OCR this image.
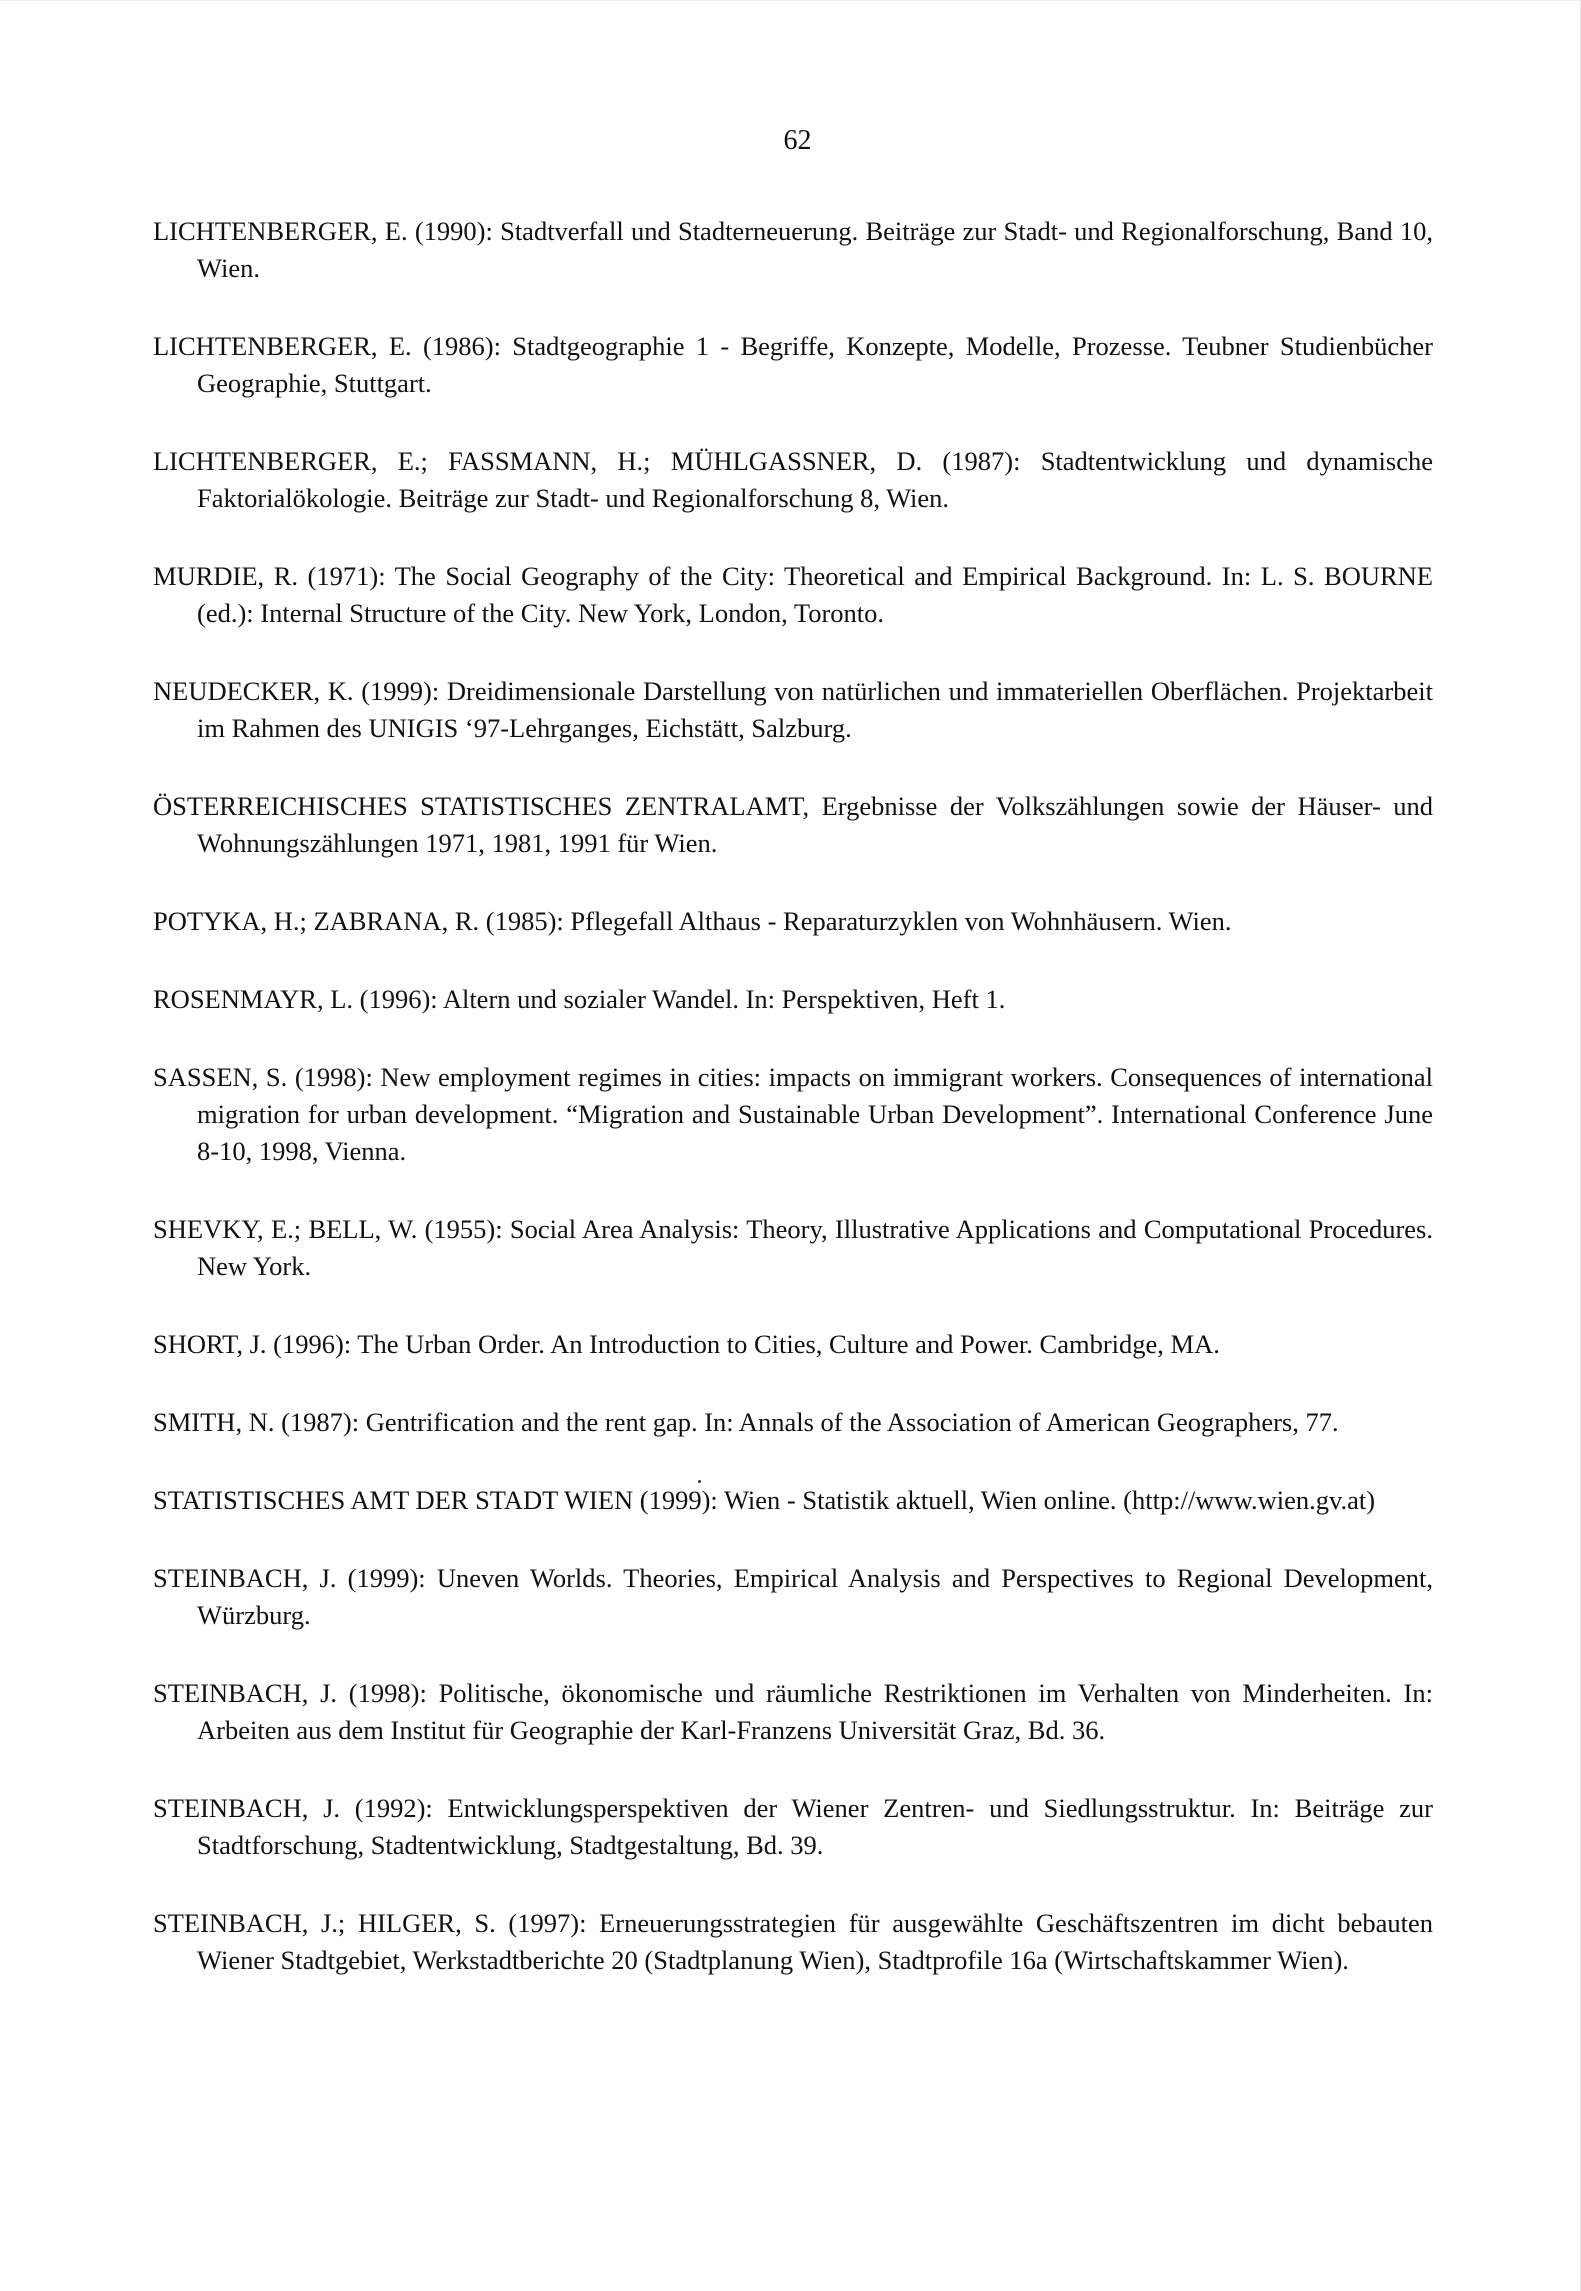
62

LICHTENBERGER, E. (1990): Stadtverfall und Stadterneuerung. Beiträge zur Stadt- und Regionalforschung, Band 10, Wien.

LICHTENBERGER, E. (1986): Stadtgeographie 1 - Begriffe, Konzepte, Modelle, Prozesse. Teubner Studienbücher Geographie, Stuttgart.

LICHTENBERGER, E.; FASSMANN, H.; MÜHLGASSNER, D. (1987): Stadtentwicklung und dynamische Faktorialökologie. Beiträge zur Stadt- und Regionalforschung 8, Wien.

MURDIE, R. (1971): The Social Geography of the City: Theoretical and Empirical Background. In: L. S. BOURNE (ed.): Internal Structure of the City. New York, London, Toronto.

NEUDECKER, K. (1999): Dreidimensionale Darstellung von natürlichen und immateriellen Oberflächen. Projektarbeit im Rahmen des UNIGIS ‘97-Lehrganges, Eichstätt, Salzburg.

ÖSTERREICHISCHES STATISTISCHES ZENTRALAMT, Ergebnisse der Volkszählungen sowie der Häuser- und Wohnungszählungen 1971, 1981, 1991 für Wien.

POTYKA, H.; ZABRANA, R. (1985): Pflegefall Althaus - Reparaturzyklen von Wohnhäusern. Wien.

ROSENMAYR, L. (1996): Altern und sozialer Wandel. In: Perspektiven, Heft 1.

SASSEN, S. (1998): New employment regimes in cities: impacts on immigrant workers. Consequences of international migration for urban development. “Migration and Sustainable Urban Development”. International Conference June 8-10, 1998, Vienna.

SHEVKY, E.; BELL, W. (1955): Social Area Analysis: Theory, Illustrative Applications and Computational Procedures. New York.

SHORT, J. (1996): The Urban Order. An Introduction to Cities, Culture and Power. Cambridge, MA.

SMITH, N. (1987): Gentrification and the rent gap. In: Annals of the Association of American Geographers, 77.

STATISTISCHES AMT DER STADT WIEN (1999): Wien - Statistik aktuell, Wien online. (http://www.wien.gv.at)

STEINBACH, J. (1999): Uneven Worlds. Theories, Empirical Analysis and Perspectives to Regional Development, Würzburg.

STEINBACH, J. (1998): Politische, ökonomische und räumliche Restriktionen im Verhalten von Minderheiten. In: Arbeiten aus dem Institut für Geographie der Karl-Franzens Universität Graz, Bd. 36.

STEINBACH, J. (1992): Entwicklungsperspektiven der Wiener Zentren- und Siedlungsstruktur. In: Beiträge zur Stadtforschung, Stadtentwicklung, Stadtgestaltung, Bd. 39.

STEINBACH, J.; HILGER, S. (1997): Erneuerungsstrategien für ausgewählte Geschäftszentren im dicht bebauten Wiener Stadtgebiet, Werkstadtberichte 20 (Stadtplanung Wien), Stadtprofile 16a (Wirtschaftskammer Wien).
